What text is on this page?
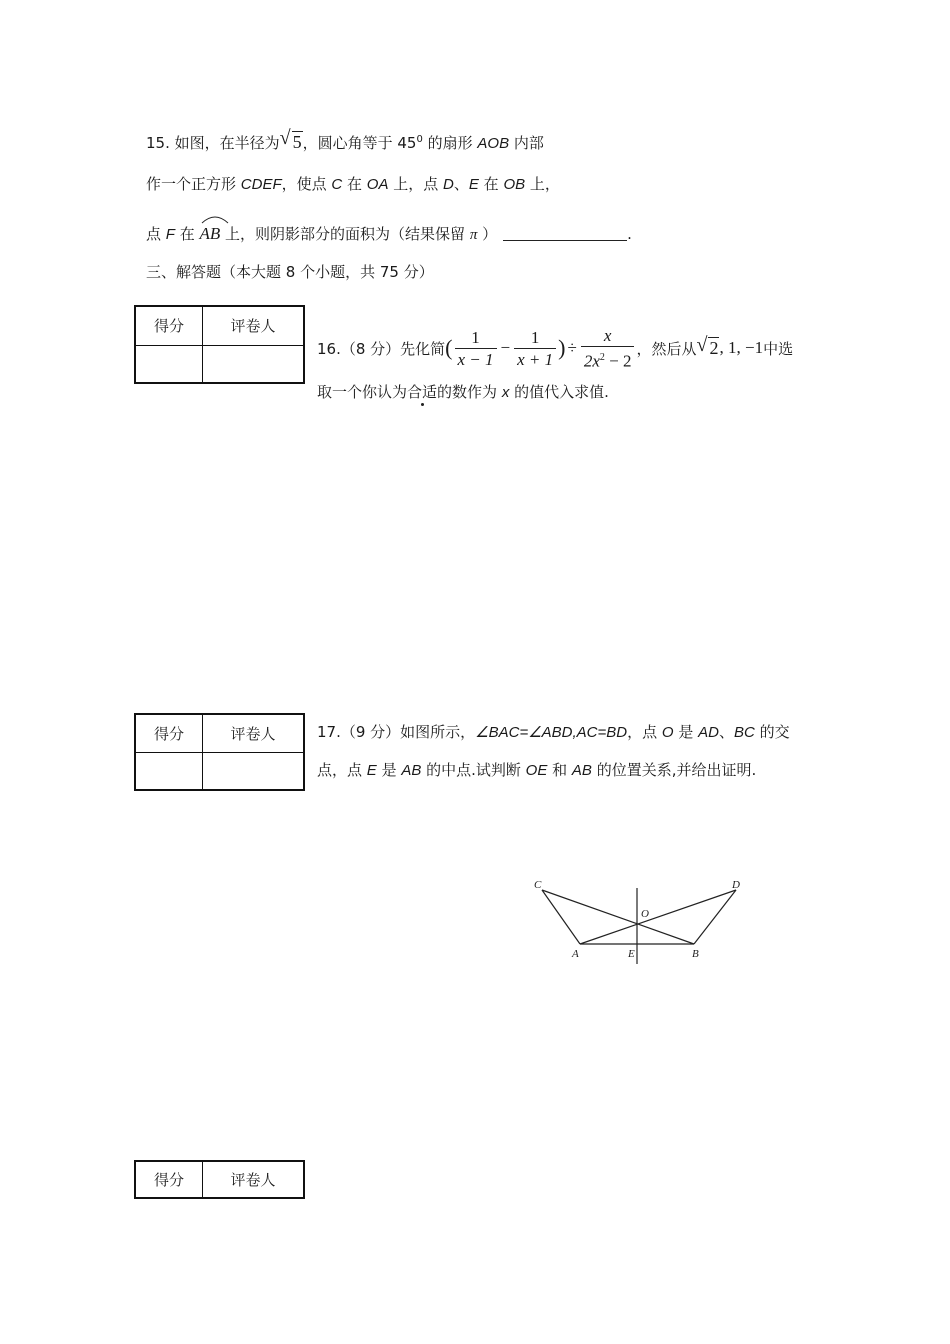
15. 如图，在半径为 √ 5，圆心角等于 $45^0$ 的扇形 AOB 内部
作一个正方形 CDEF，使点 C 在 OA 上，点 D、E 在 OB 上，
点 F 在
AB 上，则阴影部分的面积为（结果保留 π ）	.
三、解答题（本大题 8 个小题，共 75 分）
得分	评卷人

16.（8 分）先化简 ( $\frac{1}{x - 1} - \frac{1}{x + 1}$ ) ÷ $\frac{x}{2x^2 - 2}$ ，然后从 √ 2 , 1, −1 中选
取一个你认为合适的数作为 x 的值代入求值.
得分	评卷人
		17.（9 分）如图所示，∠BAC=∠ABD,AC=BD，点 O 是 AD、BC 的交
点，点 E 是 AB 的中点.试判断 OE 和 AB 的位置关系,并给出证明.
C	D
O
A	E	B
得分	评卷人
